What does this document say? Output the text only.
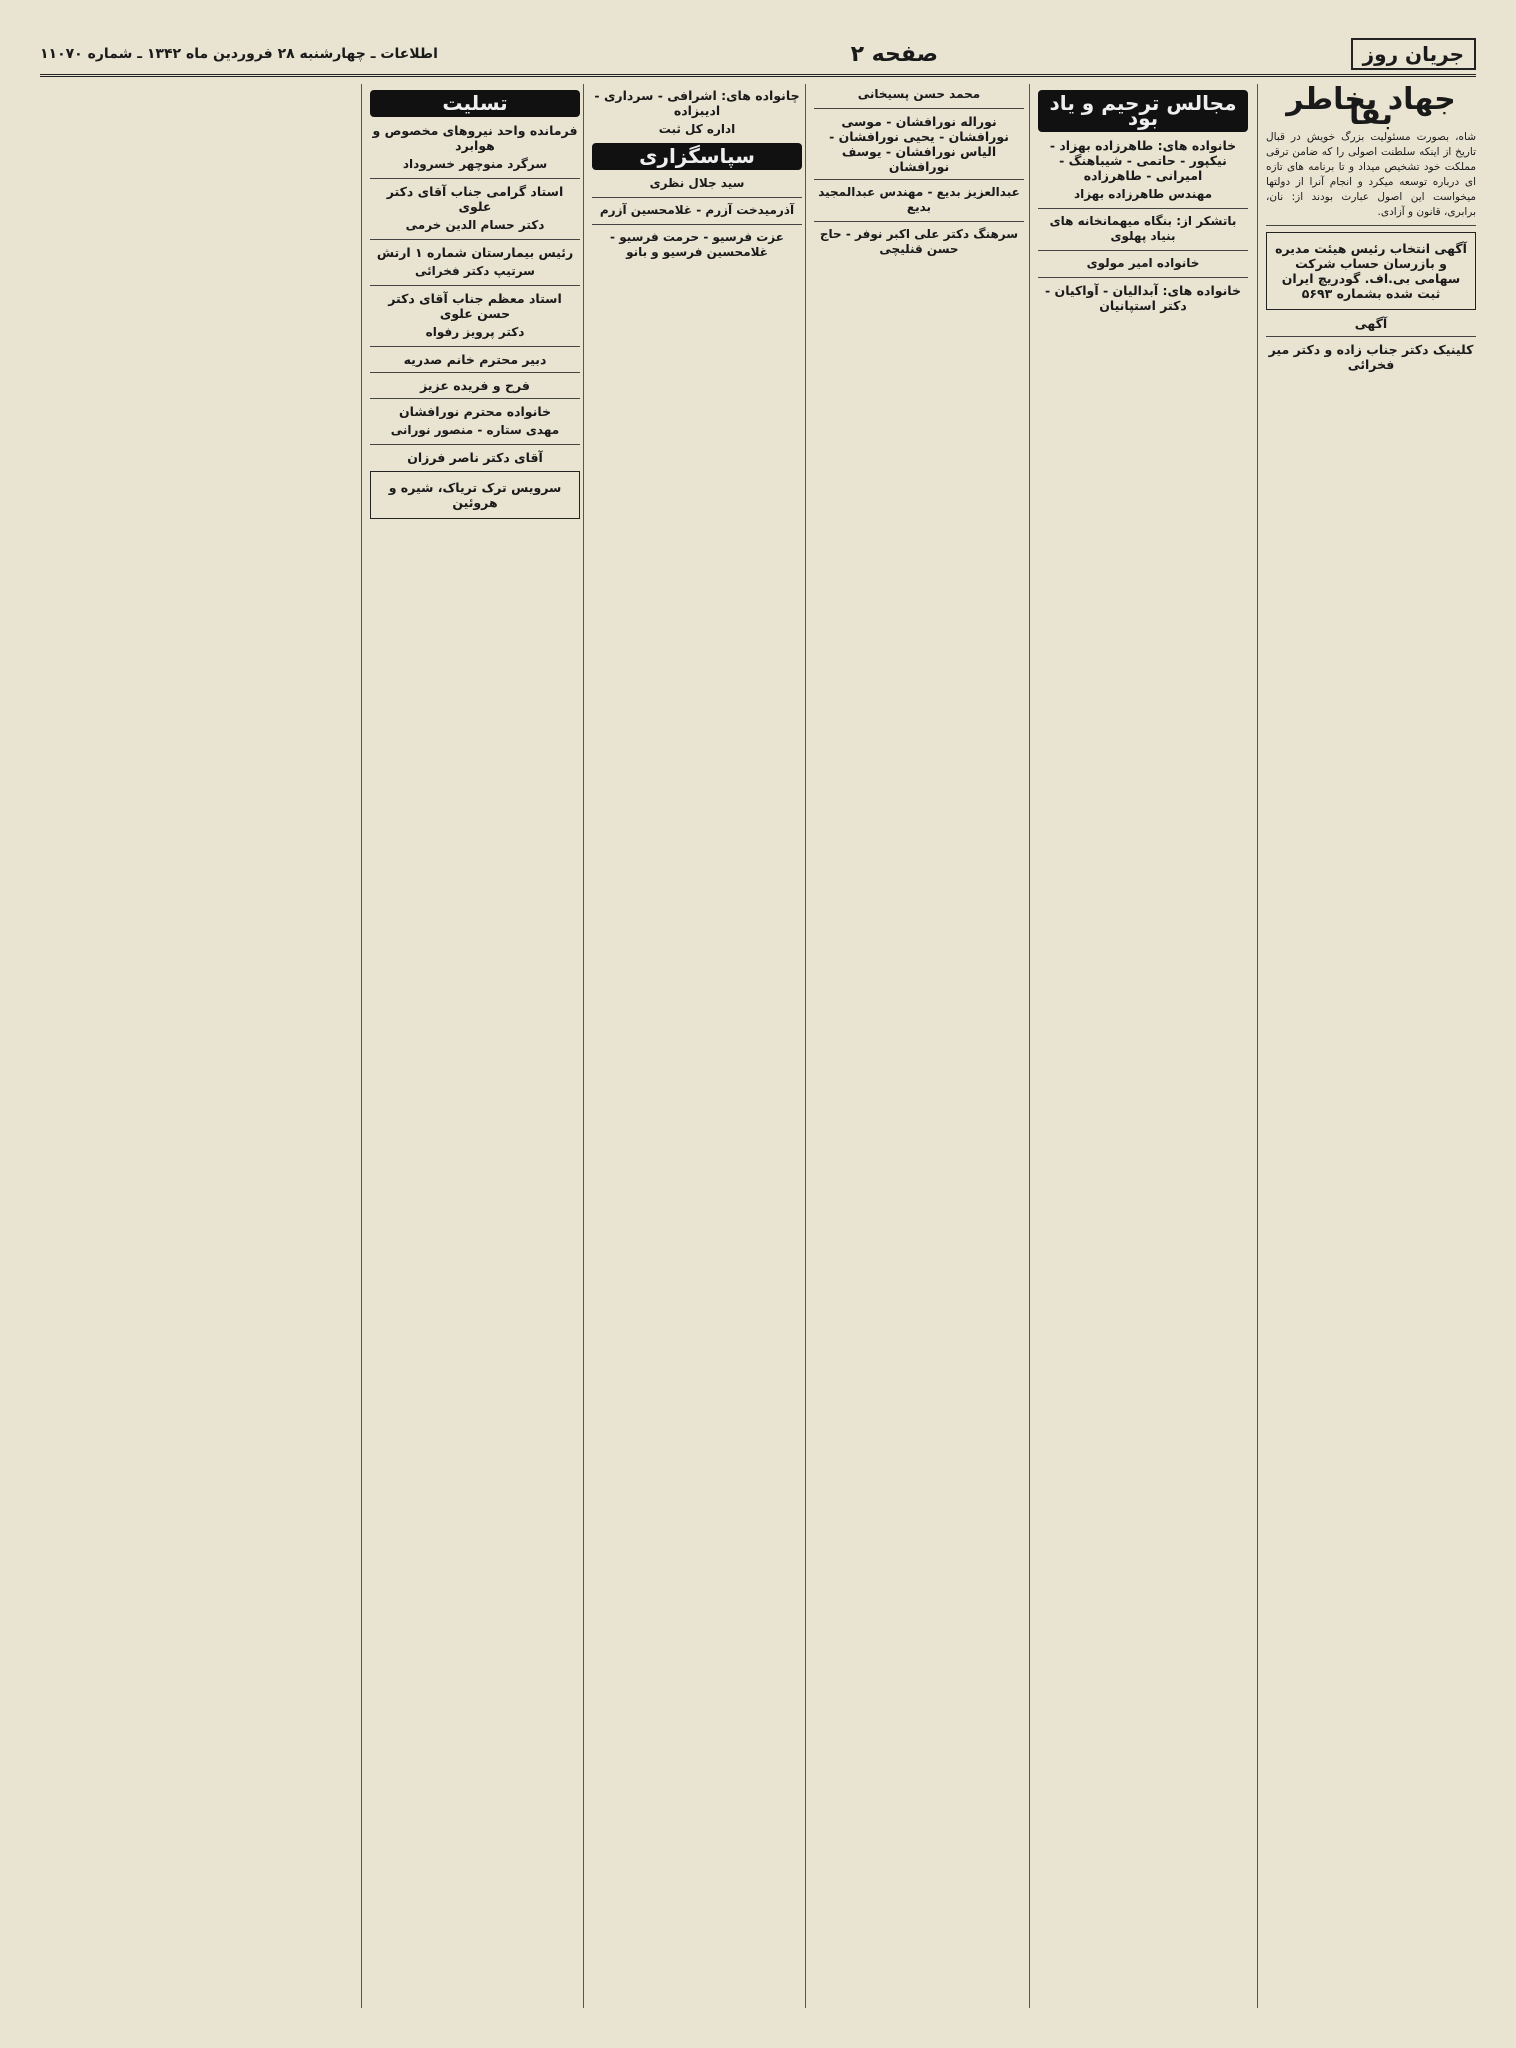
جریان روز
صفحه ۲
اطلاعات ـ چهارشنبه ۲۸ فروردین ماه ۱۳۴۲ ـ شماره ۱۱۰۷۰
جهاد بخاطر بقا

شاه، بصورت مسئولیت بزرگ خویش در قبال تاریخ از اینکه سلطنت اصولی را که ضامن ترقی مملکت خود تشخیص میداد و تا برنامه های تازه ای درباره توسعه میکرد و انجام آنرا از دولتها میخواست این اصول عبارت بودند از: نان، برابری، قانون و آزادی.

آگهی انتخاب رئیس هیئت مدیره و بازرسان حساب شرکت سهامی بی.اف. گودریچ ایران ثبت شده بشماره ۵۶۹۳
آگهی
کلینیک دکتر جناب زاده و دکتر میر فخرائی
مجالس ترحیم و یاد بود
خانواده های: طاهرزاده بهزاد - نیکپور - حاتمی - شیباهنگ - امیرانی - طاهرزاده
مهندس طاهرزاده بهزاد
باتشکر از: بنگاه میهمانخانه های بنیاد پهلوی
خانواده امیر مولوی
خانواده های: آبدالیان - آواکیان - دکتر استپانیان
محمد حسن پسیخانی
نوراله نورافشان - موسی نورافشان - یحیی نورافشان - الیاس نورافشان - یوسف نورافشان
عبدالعزیز بدیع - مهندس عبدالمجید بدیع
سرهنگ دکتر علی اکبر نوفر - حاج حسن قنلیچی
چانواده های: اشرافی - سرداری - ادیبزاده
اداره کل ثبت
سپاسگزاری
سید جلال نظری
آذرمیدخت آزرم - غلامحسین آزرم
عزت فرسیو - حرمت فرسیو - غلامحسین فرسیو و بانو
تسلیت
فرمانده واحد نیروهای مخصوص و هوابرد
سرگرد منوچهر خسروداد
استاد گرامی جناب آقای دکتر علوی
دکتر حسام الدین خرمی
رئیس بیمارستان شماره ۱ ارتش
سرتیپ دکتر فخرائی
استاد معظم جناب آقای دکتر حسن علوی
دکتر پرویز رفواه
دبیر محترم خانم صدریه
فرح و فریده عزیز
خانواده محترم نورافشان
مهدی ستاره - منصور نورانی
آقای دکتر ناصر فرزان
سرویس ترک تریاک، شیره و هروئین
